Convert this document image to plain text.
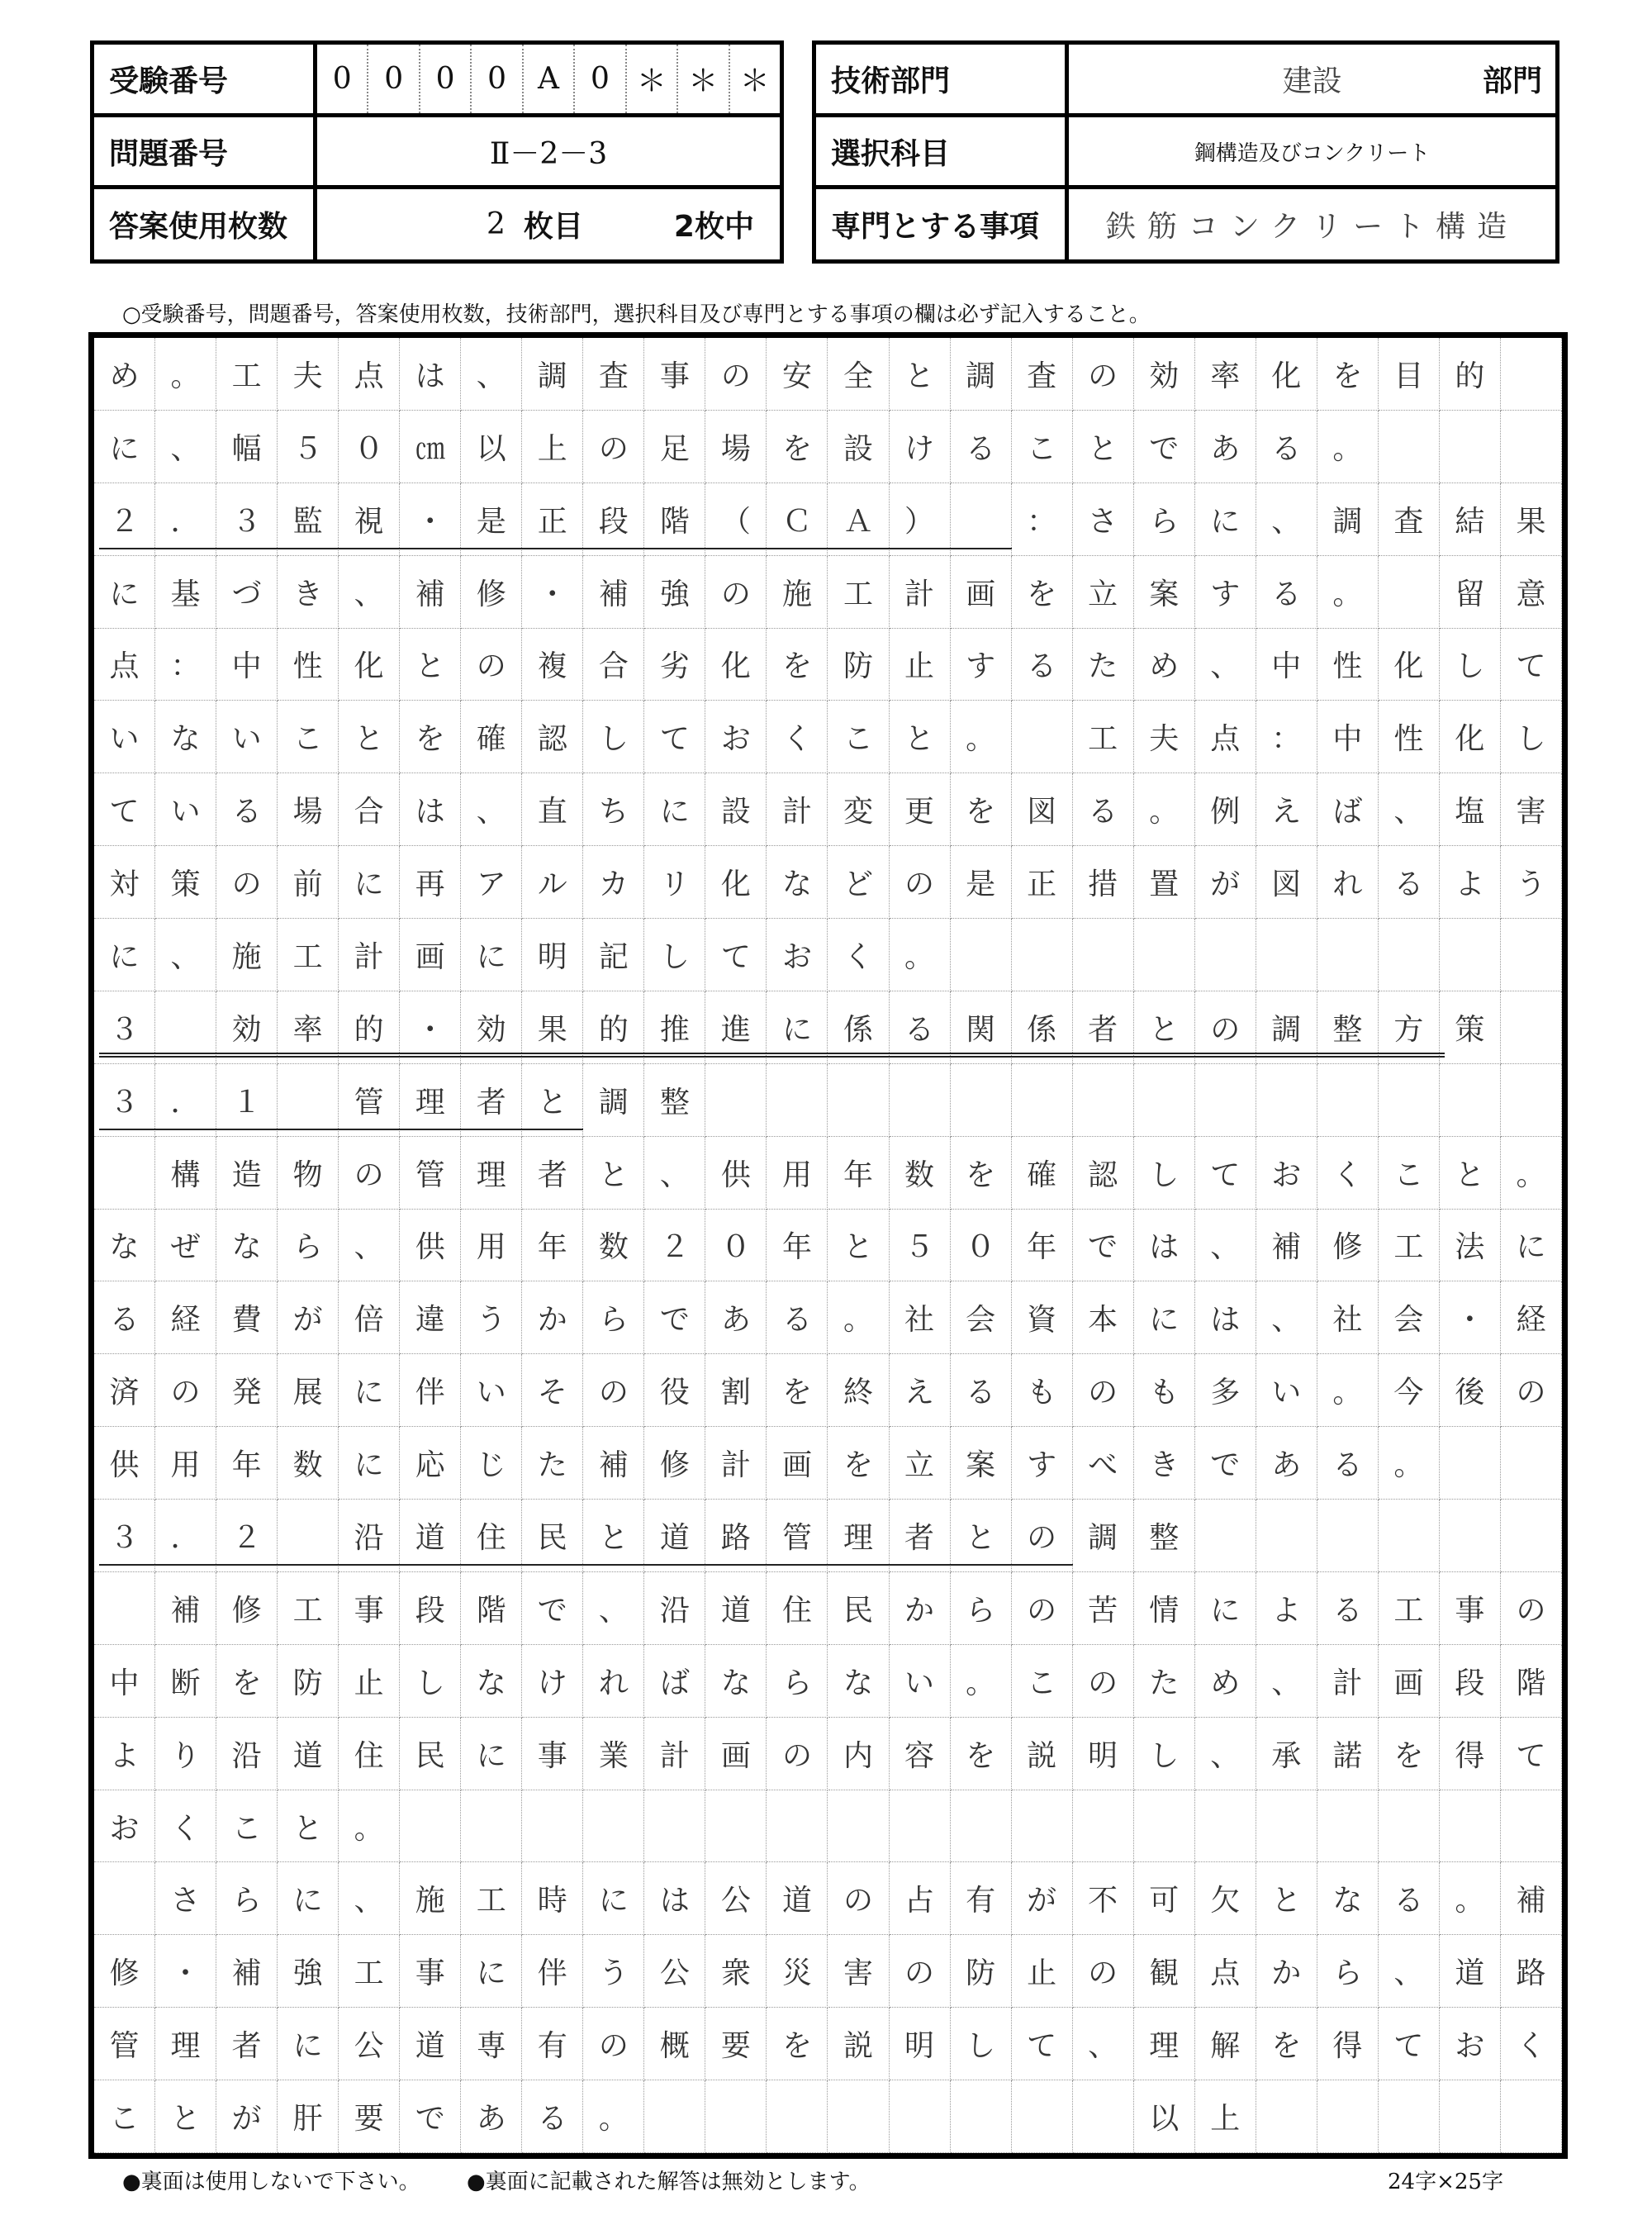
受験番号	0	0	0	0	A	0 ＊ ＊ ＊
問題番号	Ⅱ－2－3
答案使用枚数	2 枚目	2枚中
技術部門	建設	部門
選択科目	鋼構造及びコンクリート
専門とする事項	鉄筋コンクリート構造
○受験番号，問題番号，答案使用枚数，技術部門，選択科目及び専門とする事項の欄は必ず記入すること。
め	。	工	夫	点	は	、	調	査	事	の	安	全	と	調	査	の	効	率	化	を	目	的
に	、	幅	５	０	㎝	以	上	の	足	場	を	設	け	る	こ	と	で	あ	る	。
２	．	３	監	視	・	是	正	段	階	（	Ｃ	Ａ	）	：	さ	ら	に	、	調	査	結	果
に	基	づ	き	、	補	修	・	補	強	の	施	工	計	画	を	立	案	す	る	。	留	意
点	：	中	性	化	と	の	複	合	劣	化	を	防	止	す	る	た	め	、	中	性	化	し	て
い	な	い	こ	と	を	確	認	し	て	お	く	こ	と	。	工	夫	点	：	中	性	化	し
て	い	る	場	合	は	、	直	ち	に	設	計	変	更	を	図	る	。	例	え	ば	、	塩	害
対	策	の	前	に	再	ア	ル	カ	リ	化	な	ど	の	是	正	措	置	が	図	れ	る	よ	う
に	、	施	工	計	画	に	明	記	し	て	お	く	。
３	効	率	的	・	効	果	的	推	進	に	係	る	関	係	者	と	の	調	整	方	策
３	．	１	管	理	者	と	調	整
構	造	物	の	管	理	者	と	、	供	用	年	数	を	確	認	し	て	お	く	こ	と	。
な	ぜ	な	ら	、	供	用	年	数	２	０	年	と	５	０	年	で	は	、	補	修	工	法	に
る	経	費	が	倍	違	う	か	ら	で	あ	る	。	社	会	資	本	に	は	、	社	会	・	経
済	の	発	展	に	伴	い	そ	の	役	割	を	終	え	る	も	の	も	多	い	。	今	後	の
供	用	年	数	に	応	じ	た	補	修	計	画	を	立	案	す	べ	き	で	あ	る	。
３	．	２	沿	道	住	民	と	道	路	管	理	者	と	の	調	整
補	修	工	事	段	階	で	、	沿	道	住	民	か	ら	の	苦	情	に	よ	る	工	事	の
中	断	を	防	止	し	な	け	れ	ば	な	ら	な	い	。	こ	の	た	め	、	計	画	段	階
よ	り	沿	道	住	民	に	事	業	計	画	の	内	容	を	説	明	し	、	承	諾	を	得	て
お	く	こ	と	。
さ	ら	に	、	施	工	時	に	は	公	道	の	占	有	が	不	可	欠	と	な	る	。	補
修	・	補	強	工	事	に	伴	う	公	衆	災	害	の	防	止	の	観	点	か	ら	、	道	路
管	理	者	に	公	道	専	有	の	概	要	を	説	明	し	て	、	理	解	を	得	て	お	く
こ	と	が	肝	要	で	あ	る	。	以	上
●裏面は使用しないで下さい。 ●裏面に記載された解答は無効とします。	24字×25字
